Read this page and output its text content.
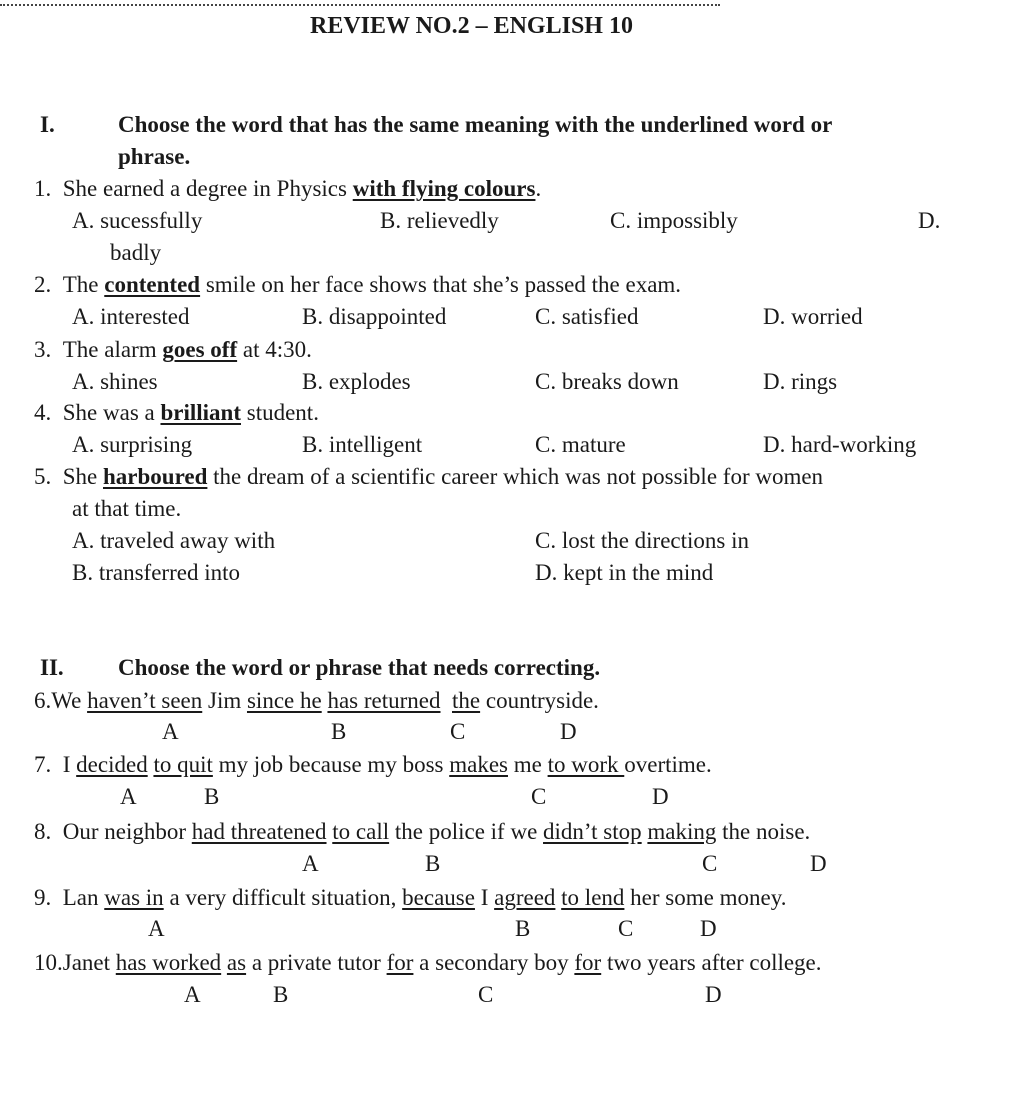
REVIEW NO.2 – ENGLISH 10
I.	Choose the word that has the same meaning with the underlined word or
phrase.
1. She earned a degree in Physics with flying colours.
A. sucessfully	B. relievedly	C. impossibly	D.
badly
2. The contented smile on her face shows that she’s passed the exam.
A. interested	B. disappointed	C. satisfied	D. worried
3. The alarm goes off at 4:30.
A. shines	B. explodes	C. breaks down	D. rings
4. She was a brilliant student.
A. surprising	B. intelligent	C. mature	D. hard-working
5. She harboured the dream of a scientific career which was not possible for women
at that time.
A. traveled away with	C. lost the directions in
B. transferred into	D. kept in the mind
II. Choose the word or phrase that needs correcting.
6.We haven’t seen Jim since he has returned the countryside.
A	B	C	D
7. I decided to quit my job because my boss makes me to work overtime.
A	B	C	D
8. Our neighbor had threatened to call the police if we didn’t stop making the noise.
A	B	C	D
9. Lan was in a very difficult situation, because I agreed to lend her some money.
A	B	C	D
10.Janet has worked as a private tutor for a secondary boy for two years after college.
A	B	C	D
